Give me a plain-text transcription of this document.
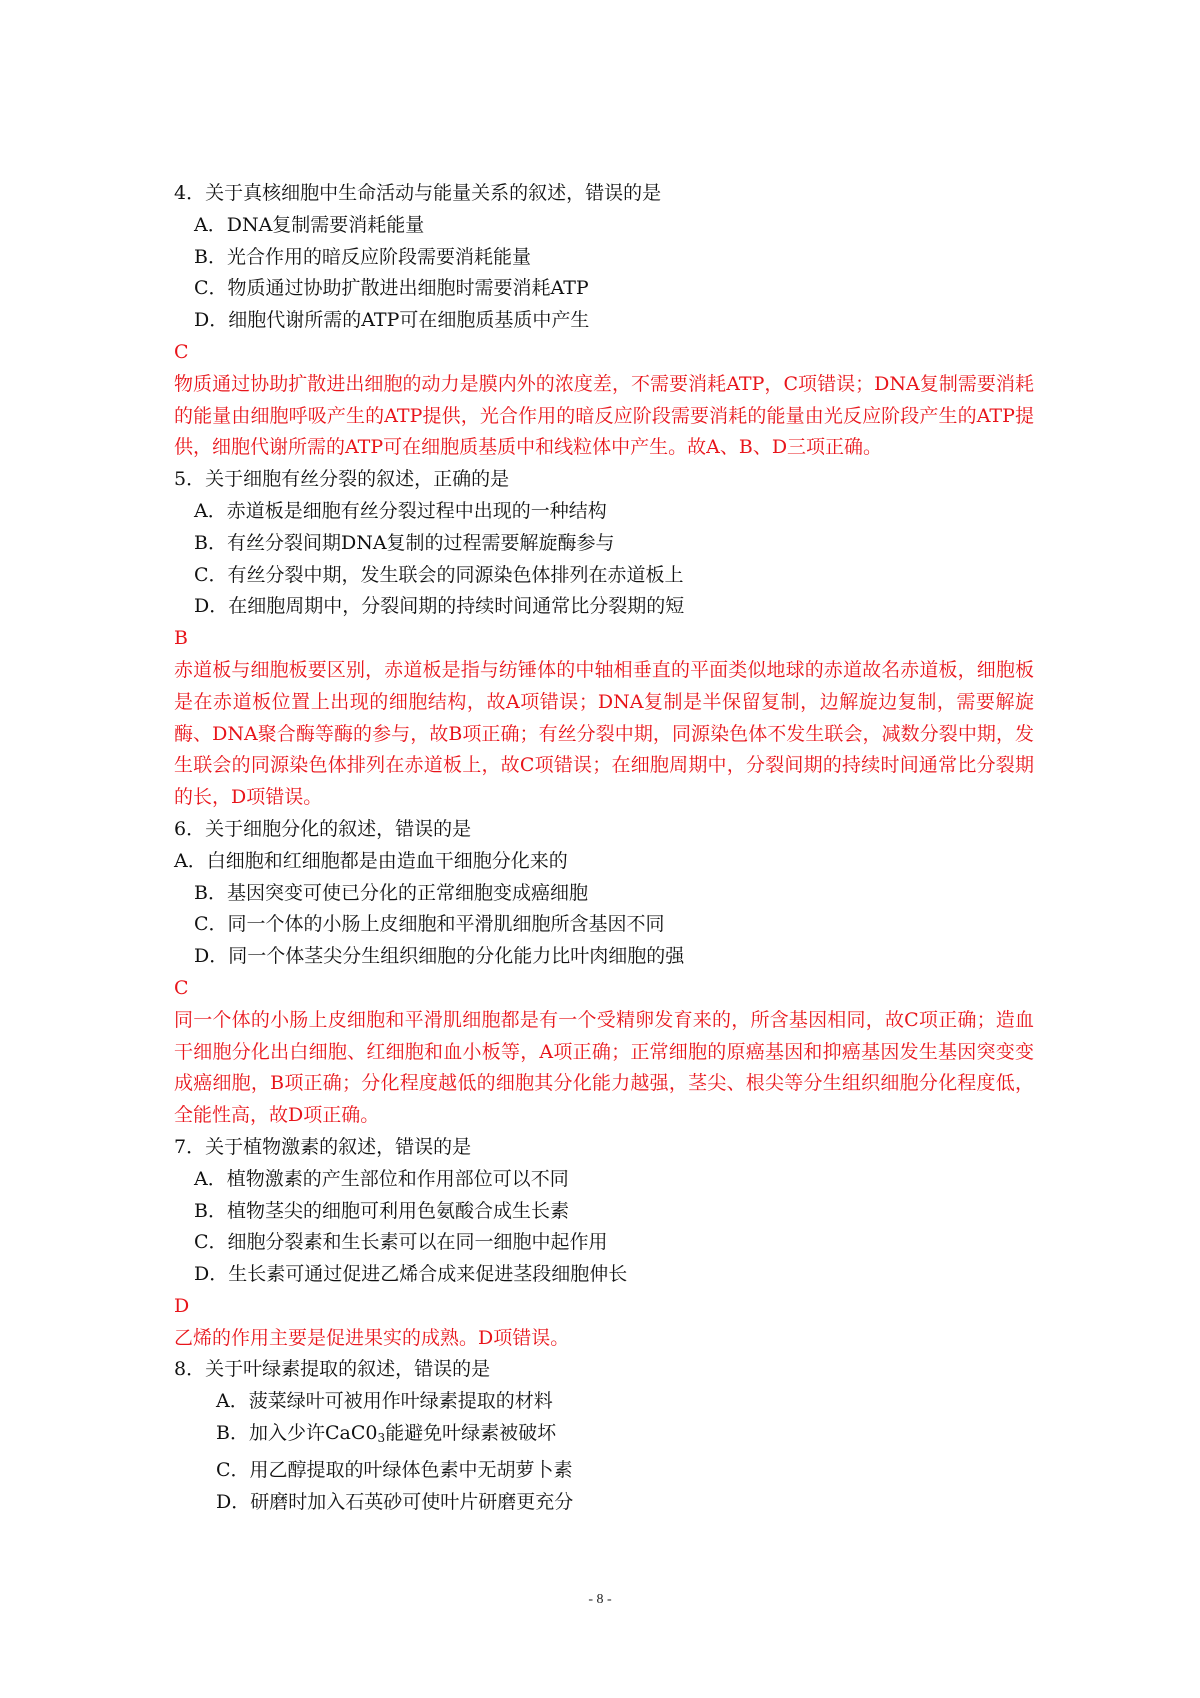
4．关于真核细胞中生命活动与能量关系的叙述，错误的是
A．DNA复制需要消耗能量
B．光合作用的暗反应阶段需要消耗能量
C．物质通过协助扩散进出细胞时需要消耗ATP
D．细胞代谢所需的ATP可在细胞质基质中产生
C
物质通过协助扩散进出细胞的动力是膜内外的浓度差，不需要消耗ATP，C项错误；DNA复制需要消耗的能量由细胞呼吸产生的ATP提供，光合作用的暗反应阶段需要消耗的能量由光反应阶段产生的ATP提供，细胞代谢所需的ATP可在细胞质基质中和线粒体中产生。故A、B、D三项正确。
5．关于细胞有丝分裂的叙述，正确的是
A．赤道板是细胞有丝分裂过程中出现的一种结构
B．有丝分裂间期DNA复制的过程需要解旋酶参与
C．有丝分裂中期，发生联会的同源染色体排列在赤道板上
D．在细胞周期中，分裂间期的持续时间通常比分裂期的短
B
赤道板与细胞板要区别，赤道板是指与纺锤体的中轴相垂直的平面类似地球的赤道故名赤道板，细胞板是在赤道板位置上出现的细胞结构，故A项错误；DNA复制是半保留复制，边解旋边复制，需要解旋酶、DNA聚合酶等酶的参与，故B项正确；有丝分裂中期，同源染色体不发生联会，减数分裂中期，发生联会的同源染色体排列在赤道板上，故C项错误；在细胞周期中，分裂间期的持续时间通常比分裂期的长，D项错误。
6．关于细胞分化的叙述，错误的是
A．白细胞和红细胞都是由造血干细胞分化来的
B．基因突变可使已分化的正常细胞变成癌细胞
C．同一个体的小肠上皮细胞和平滑肌细胞所含基因不同
D．同一个体茎尖分生组织细胞的分化能力比叶肉细胞的强
C
同一个体的小肠上皮细胞和平滑肌细胞都是有一个受精卵发育来的，所含基因相同，故C项正确；造血干细胞分化出白细胞、红细胞和血小板等，A项正确；正常细胞的原癌基因和抑癌基因发生基因突变变成癌细胞，B项正确；分化程度越低的细胞其分化能力越强，茎尖、根尖等分生组织细胞分化程度低，全能性高，故D项正确。
7．关于植物激素的叙述，错误的是
A．植物激素的产生部位和作用部位可以不同
B．植物茎尖的细胞可利用色氨酸合成生长素
C．细胞分裂素和生长素可以在同一细胞中起作用
D．生长素可通过促进乙烯合成来促进茎段细胞伸长
D
乙烯的作用主要是促进果实的成熟。D项错误。
8．关于叶绿素提取的叙述，错误的是
A．菠菜绿叶可被用作叶绿素提取的材料
B．加入少许$CaC0_3$能避免叶绿素被破坏
C．用乙醇提取的叶绿体色素中无胡萝卜素
D．研磨时加入石英砂可使叶片研磨更充分
- 8 -
